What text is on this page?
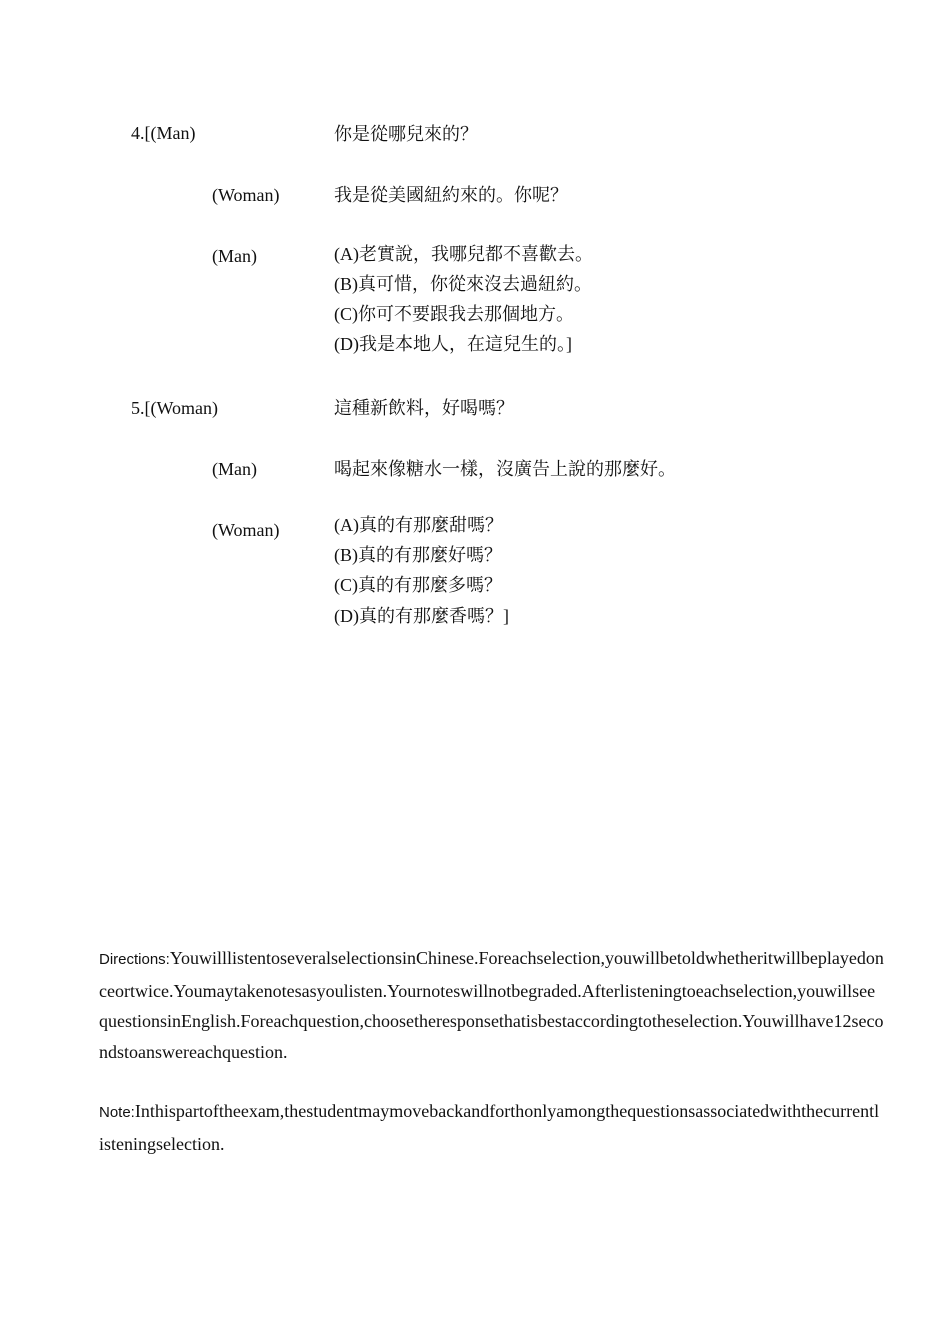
4.[(Man)	你是從哪兒來的？
(Woman)	我是從美國紐約來的。你呢？
(Man)	(A)老實說，我哪兒都不喜歡去。
(B)真可惜，你從來沒去過紐約。
(C)你可不要跟我去那個地方。
(D)我是本地人，在這兒生的。]
5.[(Woman)	這種新飲料，好喝嗎？
(Man)	喝起來像糖水一樣，沒廣告上說的那麼好。
(Woman)	(A)真的有那麼甜嗎？
(B)真的有那麼好嗎？
(C)真的有那麼多嗎？
(D)真的有那麼香嗎？]
Directions:Youwilllistentoseveralselectionsin​Chinese.Foreachselection,youwillbetoldwhetheritwillbeplayedonceortwice.Youmaytakenotesasyoulisten.Yournoteswillnotbegraded.Afterlisteningtoeachselection,youwillseequestionsinEnglish.Foreachquestion,choosetheresponsethatisbestaccordingtotheselection.Youwillhave12secondstoanswereachquestion.
Note:Inthispartoftheexam,thestudentmaymovebackandforthonlyamongthequestionsassociatedwiththecurrentlisteningselection.
